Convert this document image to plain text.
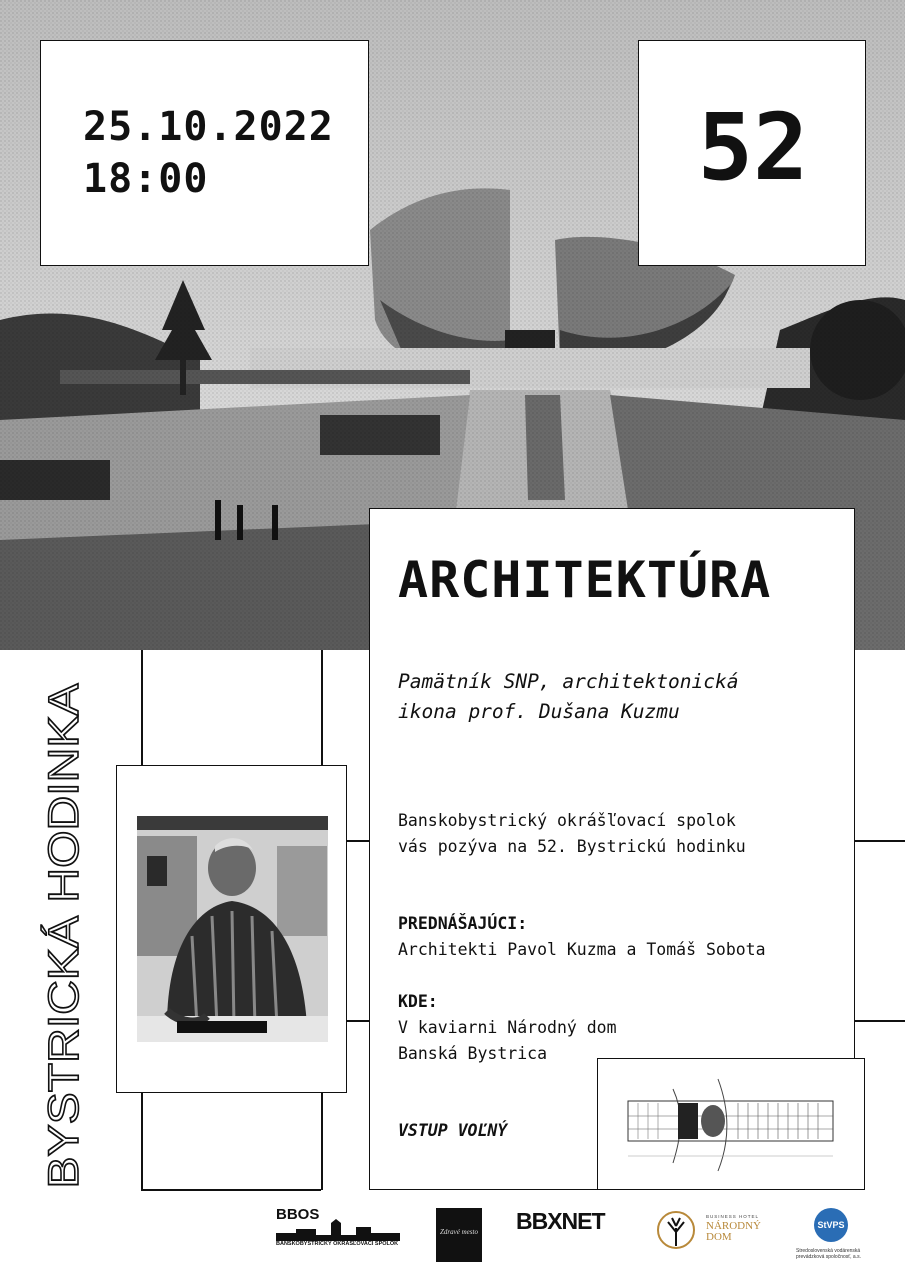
25.10.2022
18:00	52
BYSTRICKÁ HODINKA
ARCHITEKTÚRA
Pamätník SNP, architektonická
ikona prof. Dušana Kuzmu
Banskobystrický okrášľovací spolok
vás pozýva na 52. Bystrickú hodinku
PREDNÁŠAJÚCI:
Architekti Pavol Kuzma a Tomáš Sobota
KDE:
V kaviarni Národný dom
Banská Bystrica
VSTUP VOĽNÝ
BBOS
BANSKOBYSTRICKÝ OKRÁŠĽOVACÍ SPOLOK
Zdravé mesto BBXNET	BUSINESS HOTEL
NÁRODNÝ DOM
StVPS
Stredoslovenská vodárenská
prevádzková spoločnosť, a.s.
